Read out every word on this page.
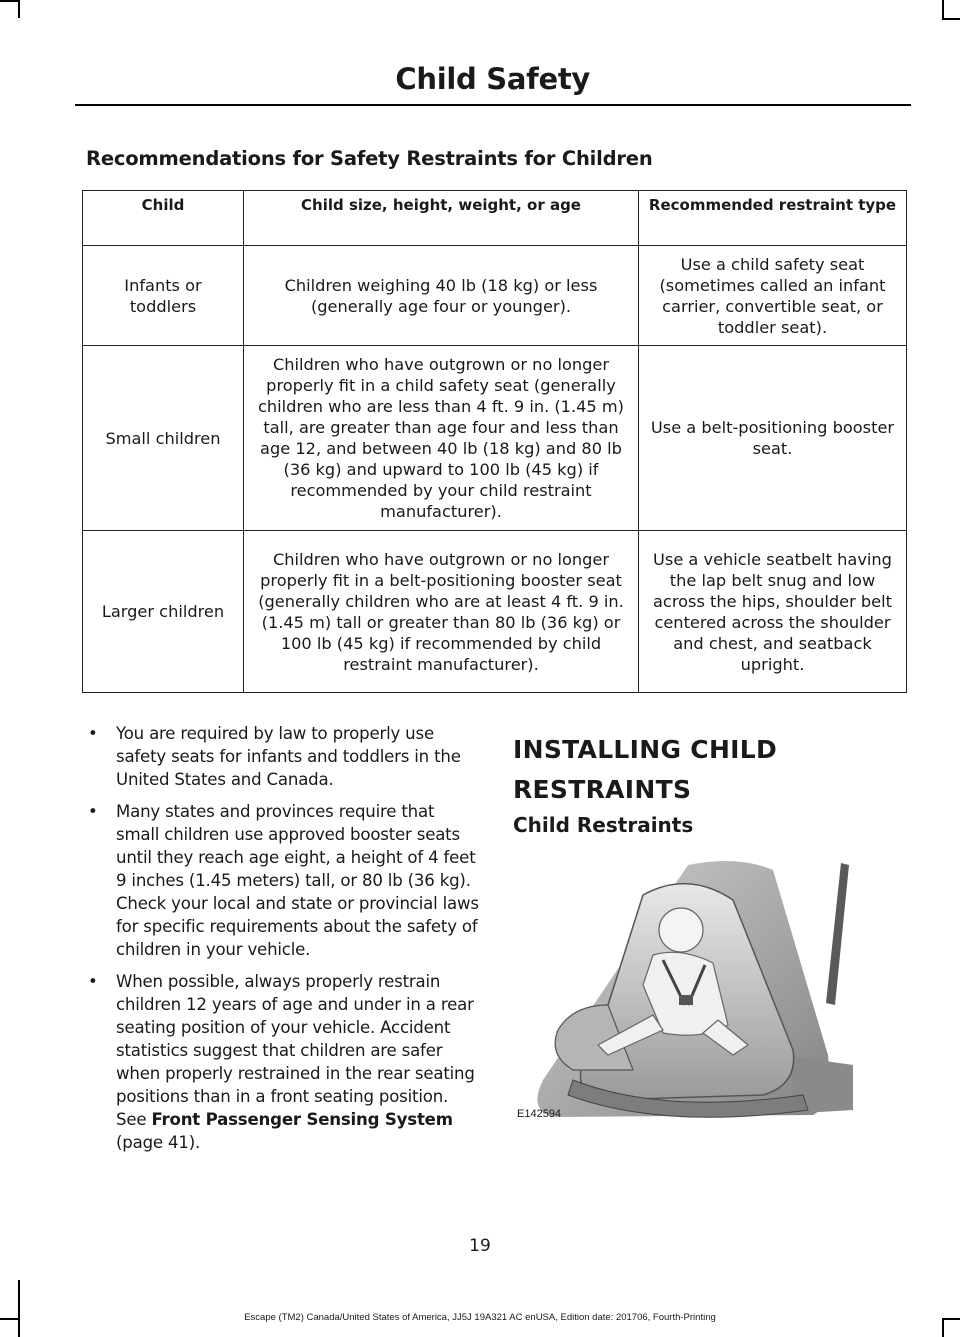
Child Safety
Recommendations for Safety Restraints for Children
Child	Child size, height, weight, or age	Recommended restraint type
Infants or toddlers	Children weighing 40 lb (18 kg) or less (generally age four or younger).	Use a child safety seat (sometimes called an infant carrier, convertible seat, or toddler seat).
Small children	Children who have outgrown or no longer properly fit in a child safety seat (generally children who are less than 4 ft. 9 in. (1.45 m) tall, are greater than age four and less than age 12, and between 40 lb (18 kg) and 80 lb (36 kg) and upward to 100 lb (45 kg) if recommended by your child restraint manufacturer).	Use a belt-positioning booster seat.
Larger children	Children who have outgrown or no longer properly fit in a belt-positioning booster seat (generally children who are at least 4 ft. 9 in. (1.45 m) tall or greater than 80 lb (36 kg) or 100 lb (45 kg) if recommended by child restraint manufacturer).	Use a vehicle seatbelt having the lap belt snug and low across the hips, shoulder belt centered across the shoulder and chest, and seatback upright.
• You are required by law to properly use safety seats for infants and toddlers in the United States and Canada.
• Many states and provinces require that small children use approved booster seats until they reach age eight, a height of 4 feet 9 inches (1.45 meters) tall, or 80 lb (36 kg). Check your local and state or provincial laws for specific requirements about the safety of children in your vehicle.
• When possible, always properly restrain children 12 years of age and under in a rear seating position of your vehicle. Accident statistics suggest that children are safer when properly restrained in the rear seating positions than in a front seating position. See Front Passenger Sensing System (page 41).
INSTALLING CHILD
RESTRAINTS
Child Restraints
E142594
19
Escape (TM2) Canada/United States of America, JJ5J 19A321 AC enUSA, Edition date: 201706, Fourth-Printing
